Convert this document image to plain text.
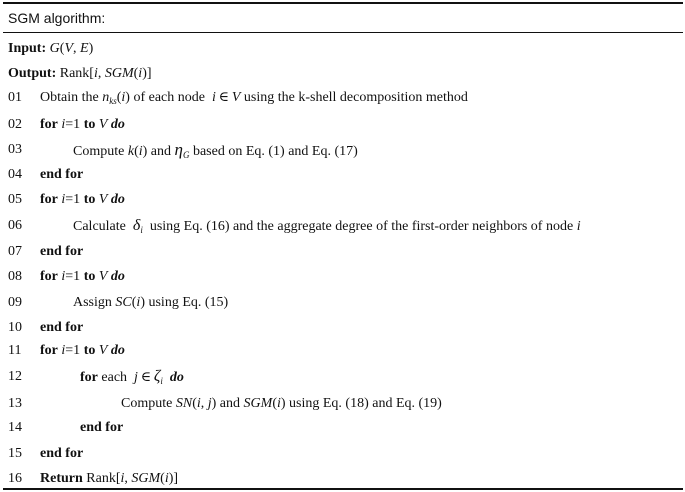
SGM algorithm:
Input: G(V, E)
Output: Rank[i, SGM(i)]
01 Obtain the $n_{ks}(i)$ of each node  i ∈ V using the k-shell decomposition method
02 for i=1 to V do
03	Compute k(i) and $\eta_G$ based on Eq. (1) and Eq. (17)
04 end for
05 for i=1 to V do
06	Calculate  $\delta_i$  using Eq. (16) and the aggregate degree of the first-order neighbors of node i
07 end for
08 for i=1 to V do
09	Assign SC(i) using Eq. (15)
10 end for
11 for i=1 to V do
12	for each  j ∈ $\zeta_i$ do
13	Compute SN(i, j) and SGM(i) using Eq. (18) and Eq. (19)
14	end for
15 end for
16 Return Rank[i, SGM(i)]
